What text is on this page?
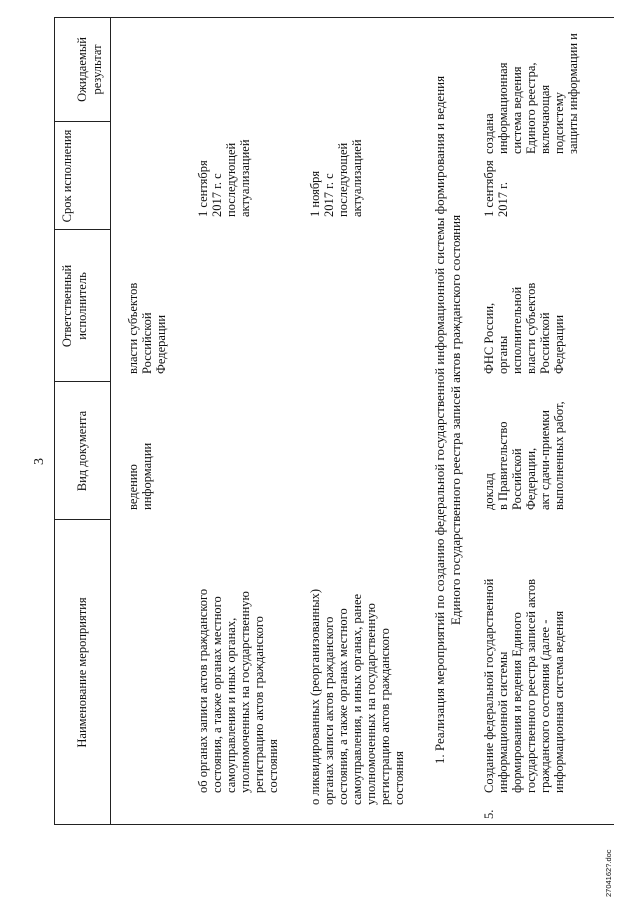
3
Наименование мероприятия
Вид документа
Ответственный исполнитель
Срок исполнения
Ожидаемый результат
ведению
информации
власти субъектов
Российской
Федерации
об органах записи актов гражданского
состояния, а также органах местного
самоуправления и иных органах,
уполномоченных на государственную
регистрацию актов гражданского
состояния
1 сентября
2017 г. с
последующей
актуализацией
о ликвидированных (реорганизованных)
органах записи актов гражданского
состояния, а также органах местного
самоуправления, и иных органах, ранее
уполномоченных на государственную
регистрацию актов гражданского
состояния
1 ноября
2017 г. с
последующей
актуализацией
1. Реализация мероприятий по созданию федеральной государственной информационной системы формирования и ведения
Единого государственного реестра записей актов гражданского состояния
5.
Создание федеральной государственной
информационной системы
формирования и ведения Единого
государственного реестра записей актов
гражданского состояния (далее -
информационная система ведения
доклад
в Правительство
Российской
Федерации,
акт сдачи-приемки
выполненных работ,
ФНС России,
органы
исполнительной
власти субъектов
Российской
Федерации
1 сентября
2017 г.
создана
информационная
система ведения
Единого реестра,
включающая подсистему
защиты информации и
2704162?.doc
